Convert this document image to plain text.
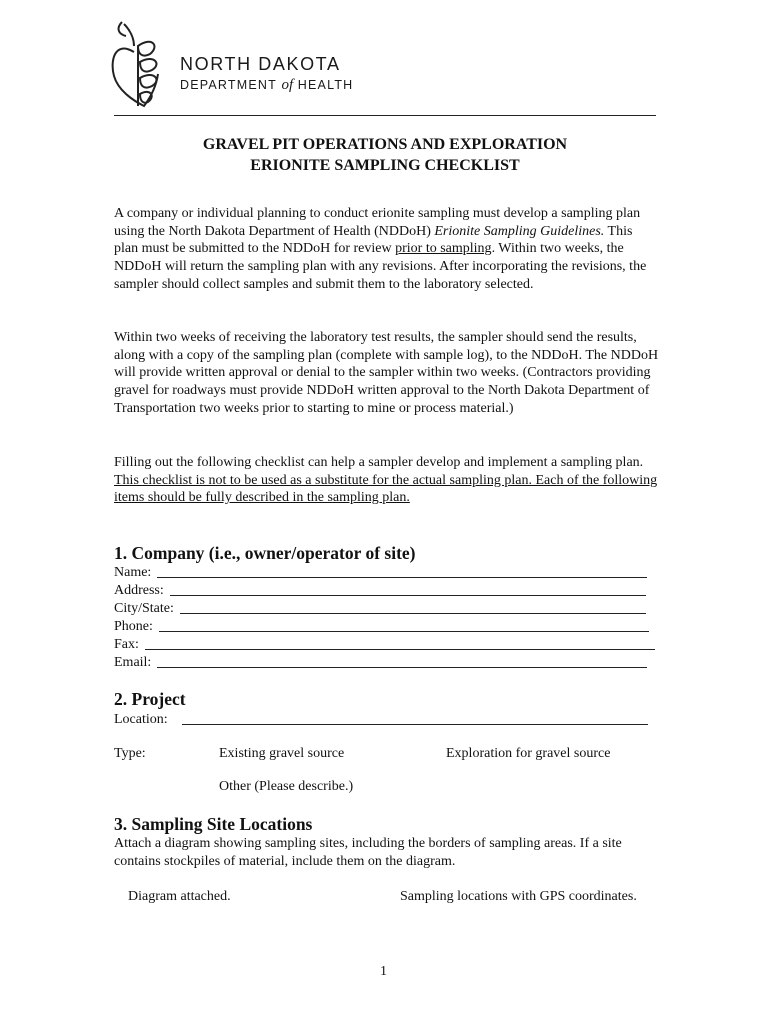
NORTH DAKOTA
DEPARTMENT of HEALTH
GRAVEL PIT OPERATIONS AND EXPLORATION
ERIONITE SAMPLING CHECKLIST
A company or individual planning to conduct erionite sampling must develop a sampling plan using the North Dakota Department of Health (NDDoH) Erionite Sampling Guidelines. This plan must be submitted to the NDDoH for review prior to sampling. Within two weeks, the NDDoH will return the sampling plan with any revisions. After incorporating the revisions, the sampler should collect samples and submit them to the laboratory selected.
Within two weeks of receiving the laboratory test results, the sampler should send the results, along with a copy of the sampling plan (complete with sample log), to the NDDoH. The NDDoH will provide written approval or denial to the sampler within two weeks. (Contractors providing gravel for roadways must provide NDDoH written approval to the North Dakota Department of Transportation two weeks prior to starting to mine or process material.)
Filling out the following checklist can help a sampler develop and implement a sampling plan. This checklist is not to be used as a substitute for the actual sampling plan. Each of the following items should be fully described in the sampling plan.
1. Company (i.e., owner/operator of site)
Name:
Address:
City/State:
Phone:
Fax:
Email:
2. Project
Location:
Type:	Existing gravel source	Exploration for gravel source
Other (Please describe.)
3. Sampling Site Locations
Attach a diagram showing sampling sites, including the borders of sampling areas. If a site contains stockpiles of material, include them on the diagram.
Diagram attached.	Sampling locations with GPS coordinates.
1
